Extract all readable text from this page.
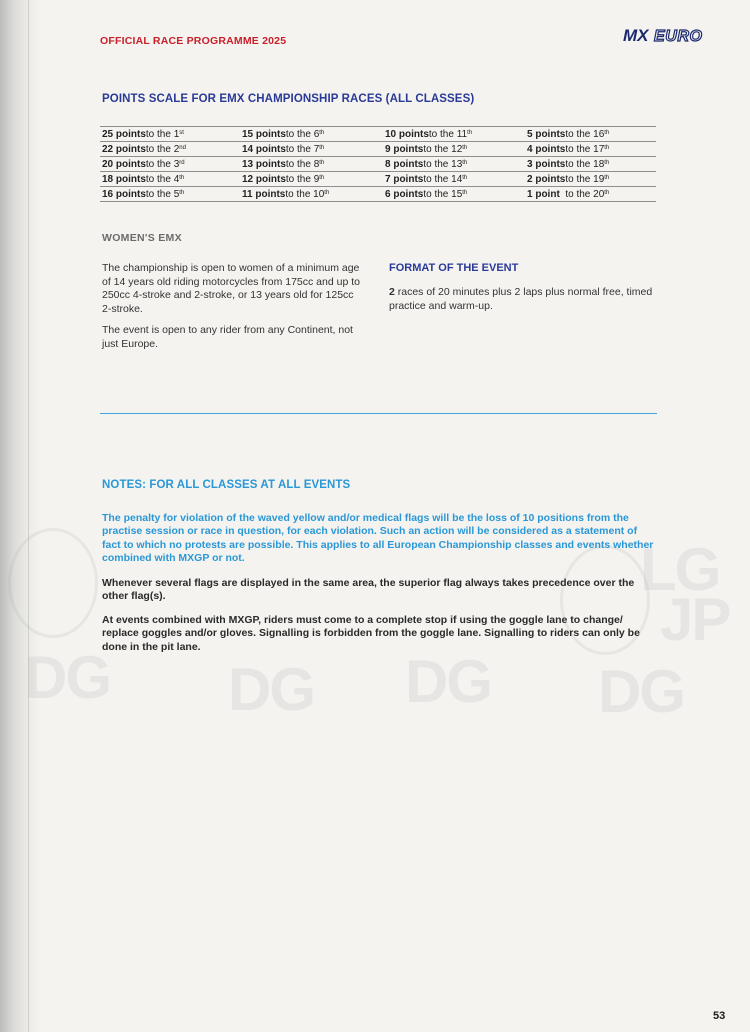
DG DG DG DG
LG
JP
OFFICIAL RACE PROGRAMME 2025	MX EURO
POINTS SCALE FOR EMX CHAMPIONSHIP RACES (ALL CLASSES)
25 pointsto the 1st	15 pointsto the 6th	10 pointsto the 11th	5 pointsto the 16th
22 pointsto the 2nd	14 pointsto the 7th	9 pointsto the 12th	4 pointsto the 17th
20 pointsto the 3rd	13 pointsto the 8th	8 pointsto the 13th	3 pointsto the 18th
18 pointsto the 4th	12 pointsto the 9th	7 pointsto the 14th	2 pointsto the 19th
16 pointsto the 5th	11 pointsto the 10th	6 pointsto the 15th	1 point  to the 20th
WOMEN'S EMX

The championship is open to women of a minimum age of 14 years old riding motorcycles from 175cc and up to 250cc 4-stroke and 2-stroke, or 13 years old for 125cc 2-stroke.

The event is open to any rider from any Continent, not just Europe.

FORMAT OF THE EVENT
2 races of 20 minutes plus 2 laps plus normal free, timed practice and warm-up.
NOTES: FOR ALL CLASSES AT ALL EVENTS

The penalty for violation of the waved yellow and/or medical flags will be the loss of 10 positions from the practise session or race in question, for each violation. Such an action will be considered as a statement of fact to which no protests are possible. This applies to all European Championship classes and events whether combined with MXGP or not.

Whenever several flags are displayed in the same area, the superior flag always takes precedence over the other flag(s).

At events combined with MXGP, riders must come to a complete stop if using the goggle lane to change/ replace goggles and/or gloves. Signalling is forbidden from the goggle lane. Signalling to riders can only be done in the pit lane.

53
